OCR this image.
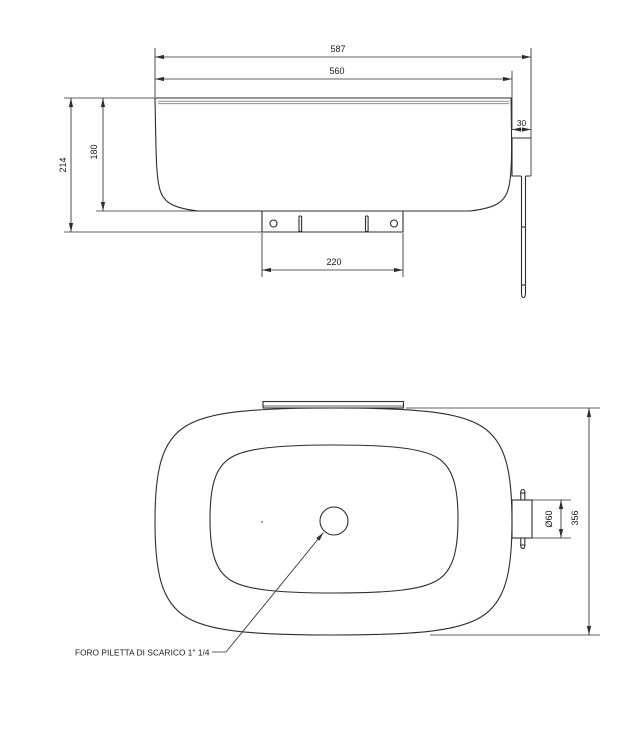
587
560
30
214
180
220
Ø60 356
FORO PILETTA DI SCARICO 1" 1/4
